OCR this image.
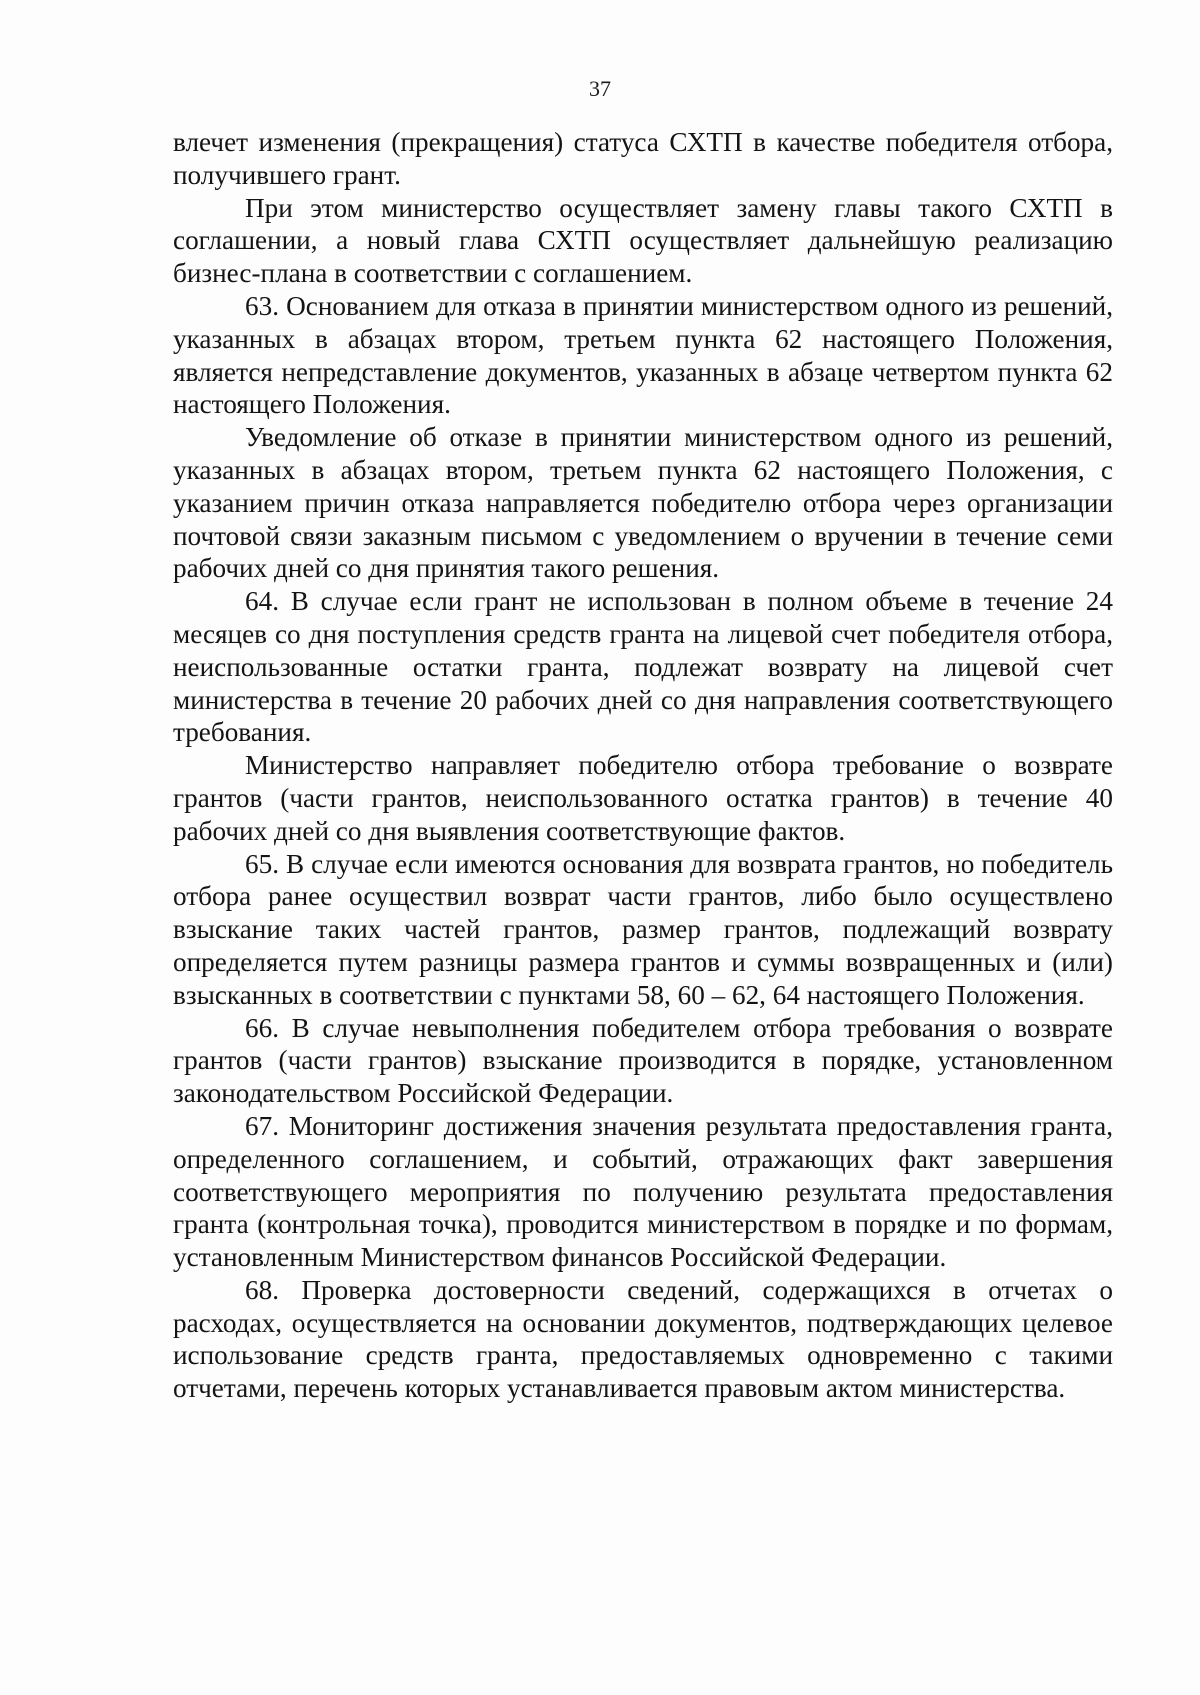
37

влечет изменения (прекращения) статуса СХТП в качестве победителя отбора, получившего грант.

При этом министерство осуществляет замену главы такого СХТП в соглашении, а новый глава СХТП осуществляет дальнейшую реализацию бизнес-плана в соответствии с соглашением.

63. Основанием для отказа в принятии министерством одного из решений, указанных в абзацах втором, третьем пункта 62 настоящего Положения, является непредставление документов, указанных в абзаце четвертом пункта 62 настоящего Положения.

Уведомление об отказе в принятии министерством одного из решений, указанных в абзацах втором, третьем пункта 62 настоящего Положения, с указанием причин отказа направляется победителю отбора через организации почтовой связи заказным письмом с уведомлением о вручении в течение семи рабочих дней со дня принятия такого решения.

64. В случае если грант не использован в полном объеме в течение 24 месяцев со дня поступления средств гранта на лицевой счет победителя отбора, неиспользованные остатки гранта, подлежат возврату на лицевой счет министерства в течение 20 рабочих дней со дня направления соответствующего требования.

Министерство направляет победителю отбора требование о возврате грантов (части грантов, неиспользованного остатка грантов) в течение 40 рабочих дней со дня выявления соответствующие фактов.

65. В случае если имеются основания для возврата грантов, но победитель отбора ранее осуществил возврат части грантов, либо было осуществлено взыскание таких частей грантов, размер грантов, подлежащий возврату определяется путем разницы размера грантов и суммы возвращенных и (или) взысканных в соответствии с пунктами 58, 60 – 62, 64 настоящего Положения.

66. В случае невыполнения победителем отбора требования о возврате грантов (части грантов) взыскание производится в порядке, установленном законодательством Российской Федерации.

67. Мониторинг достижения значения результата предоставления гранта, определенного соглашением, и событий, отражающих факт завершения соответствующего мероприятия по получению результата предоставления гранта (контрольная точка), проводится министерством в порядке и по формам, установленным Министерством финансов Российской Федерации.

68. Проверка достоверности сведений, содержащихся в отчетах о расходах, осуществляется на основании документов, подтверждающих целевое использование средств гранта, предоставляемых одновременно с такими отчетами, перечень которых устанавливается правовым актом министерства.
